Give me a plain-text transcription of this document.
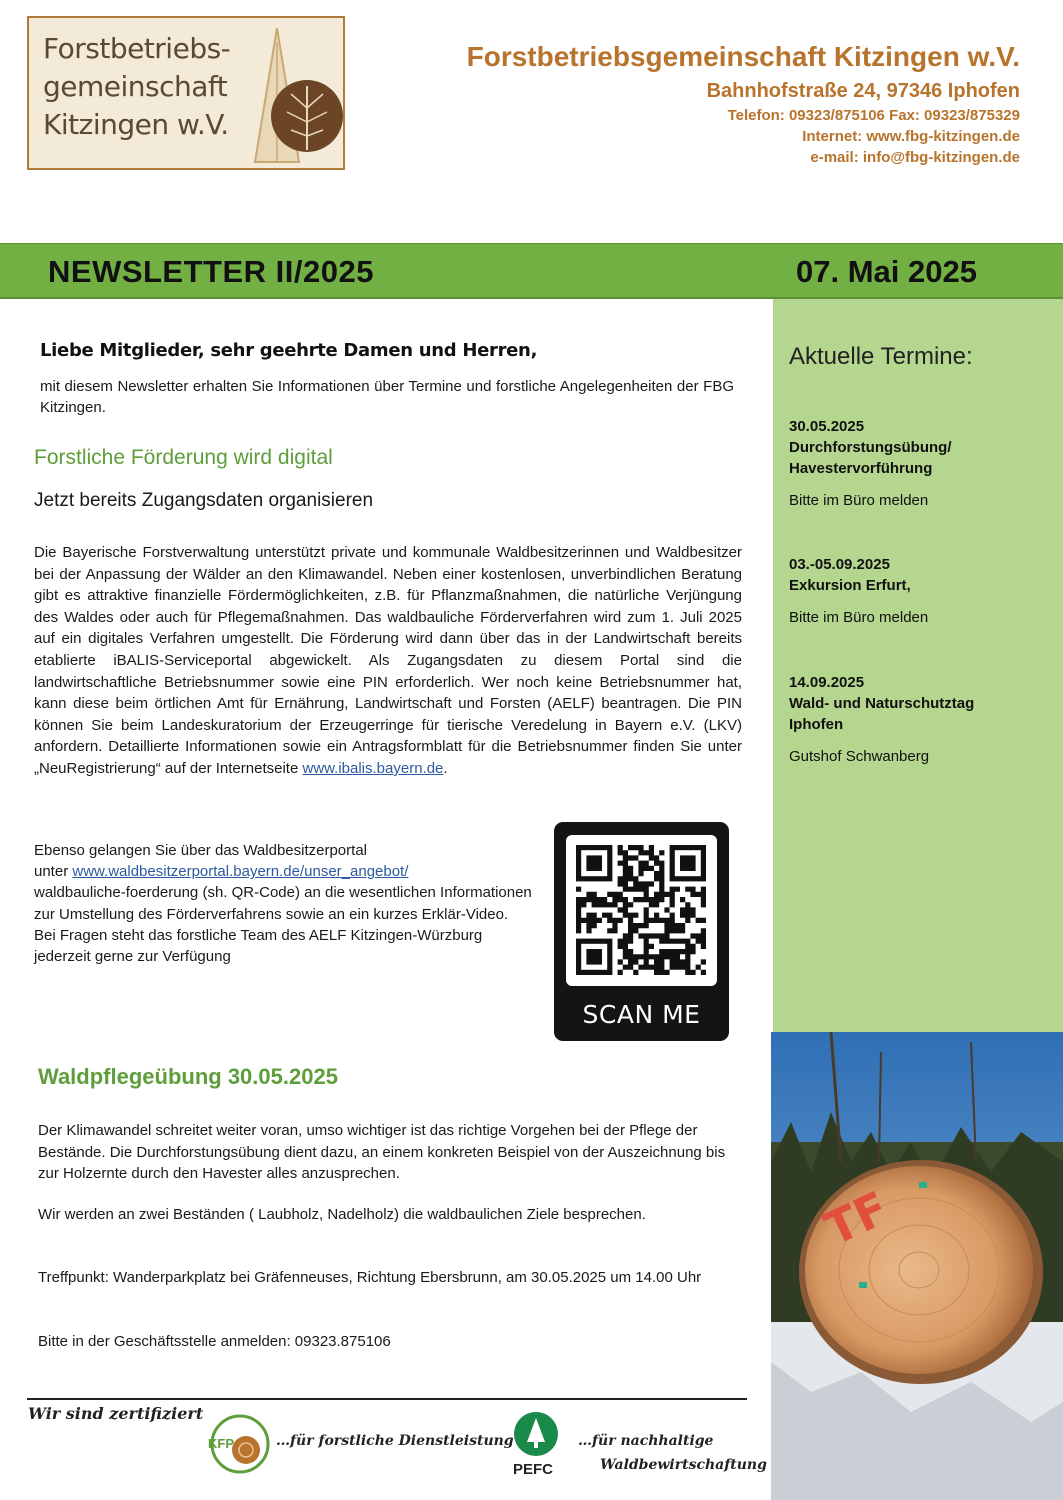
Forstbetriebs-
gemeinschaft
Kitzingen w.V.
Forstbetriebsgemeinschaft Kitzingen w.V.
Bahnhofstraße 24, 97346 Iphofen
Telefon: 09323/875106 Fax: 09323/875329
Internet: www.fbg-kitzingen.de
e-mail: info@fbg-kitzingen.de
NEWSLETTER II/2025	07. Mai 2025
Aktuelle Termine:
30.05.2025
Durchforstungsübung/
Havestervorführung
Bitte im Büro melden
03.-05.09.2025
Exkursion Erfurt,
Bitte im Büro melden
14.09.2025
Wald- und Naturschutztag
Iphofen
Gutshof Schwanberg
TF
Liebe Mitglieder, sehr geehrte Damen und Herren,
mit diesem Newsletter erhalten Sie Informationen über Termine und forstliche Angelegenheiten der FBG Kitzingen.
Forstliche Förderung wird digital
Jetzt bereits Zugangsdaten organisieren
Die Bayerische Forstverwaltung unterstützt private und kommunale Waldbesitzerinnen und Waldbesitzer bei der Anpassung der Wälder an den Klimawandel. Neben einer kostenlosen, unverbindlichen Beratung gibt es attraktive finanzielle Fördermöglichkeiten, z.B. für Pflanzmaßnahmen, die natürliche Verjüngung des Waldes oder auch für Pflegemaßnahmen. Das waldbauliche Förderverfahren wird zum 1. Juli 2025 auf ein digitales Verfahren umgestellt. Die Förderung wird dann über das in der Landwirtschaft bereits etablierte iBALIS-Serviceportal abgewickelt. Als Zugangsdaten zu diesem Portal sind die landwirtschaftliche Betriebsnummer sowie eine PIN erforderlich. Wer noch keine Betriebsnummer hat, kann diese beim örtlichen Amt für Ernährung, Landwirtschaft und Forsten (AELF) beantragen. Die PIN können Sie beim Landeskuratorium der Erzeugerringe für tierische Veredelung in Bayern e.V. (LKV) anfordern. Detaillierte Informationen sowie ein Antragsformblatt für die Betriebsnummer finden Sie unter „NeuRegistrierung“ auf der Internetseite www.ibalis.bayern.de.
Ebenso gelangen Sie über das Waldbesitzerportal
unter www.waldbesitzerportal.bayern.de/unser_angebot/
waldbauliche-foerderung (sh. QR-Code) an die wesentlichen Informationen zur Umstellung des Förderverfahrens sowie an ein kurzes Erklär-Video.
Bei Fragen steht das forstliche Team des AELF Kitzingen-Würzburg jederzeit gerne zur Verfügung
SCAN ME
Waldpflegeübung 30.05.2025
Der Klimawandel schreitet weiter voran, umso wichtiger ist das richtige Vorgehen bei der Pflege der Bestände. Die Durchforstungsübung dient dazu, an einem konkreten Beispiel von der Auszeichnung bis zur Holzernte durch den Havester alles anzusprechen.
Wir werden an zwei Beständen ( Laubholz, Nadelholz) die waldbaulichen Ziele besprechen.
Treffpunkt: Wanderparkplatz bei Gräfenneuses, Richtung Ebersbrunn, am 30.05.2025 um 14.00 Uhr
Bitte in der Geschäftsstelle anmelden: 09323.875106
Wir sind zertifiziert
KFP	…für forstliche Dienstleistung
PEFC
…für nachhaltige
Waldbewirtschaftung
